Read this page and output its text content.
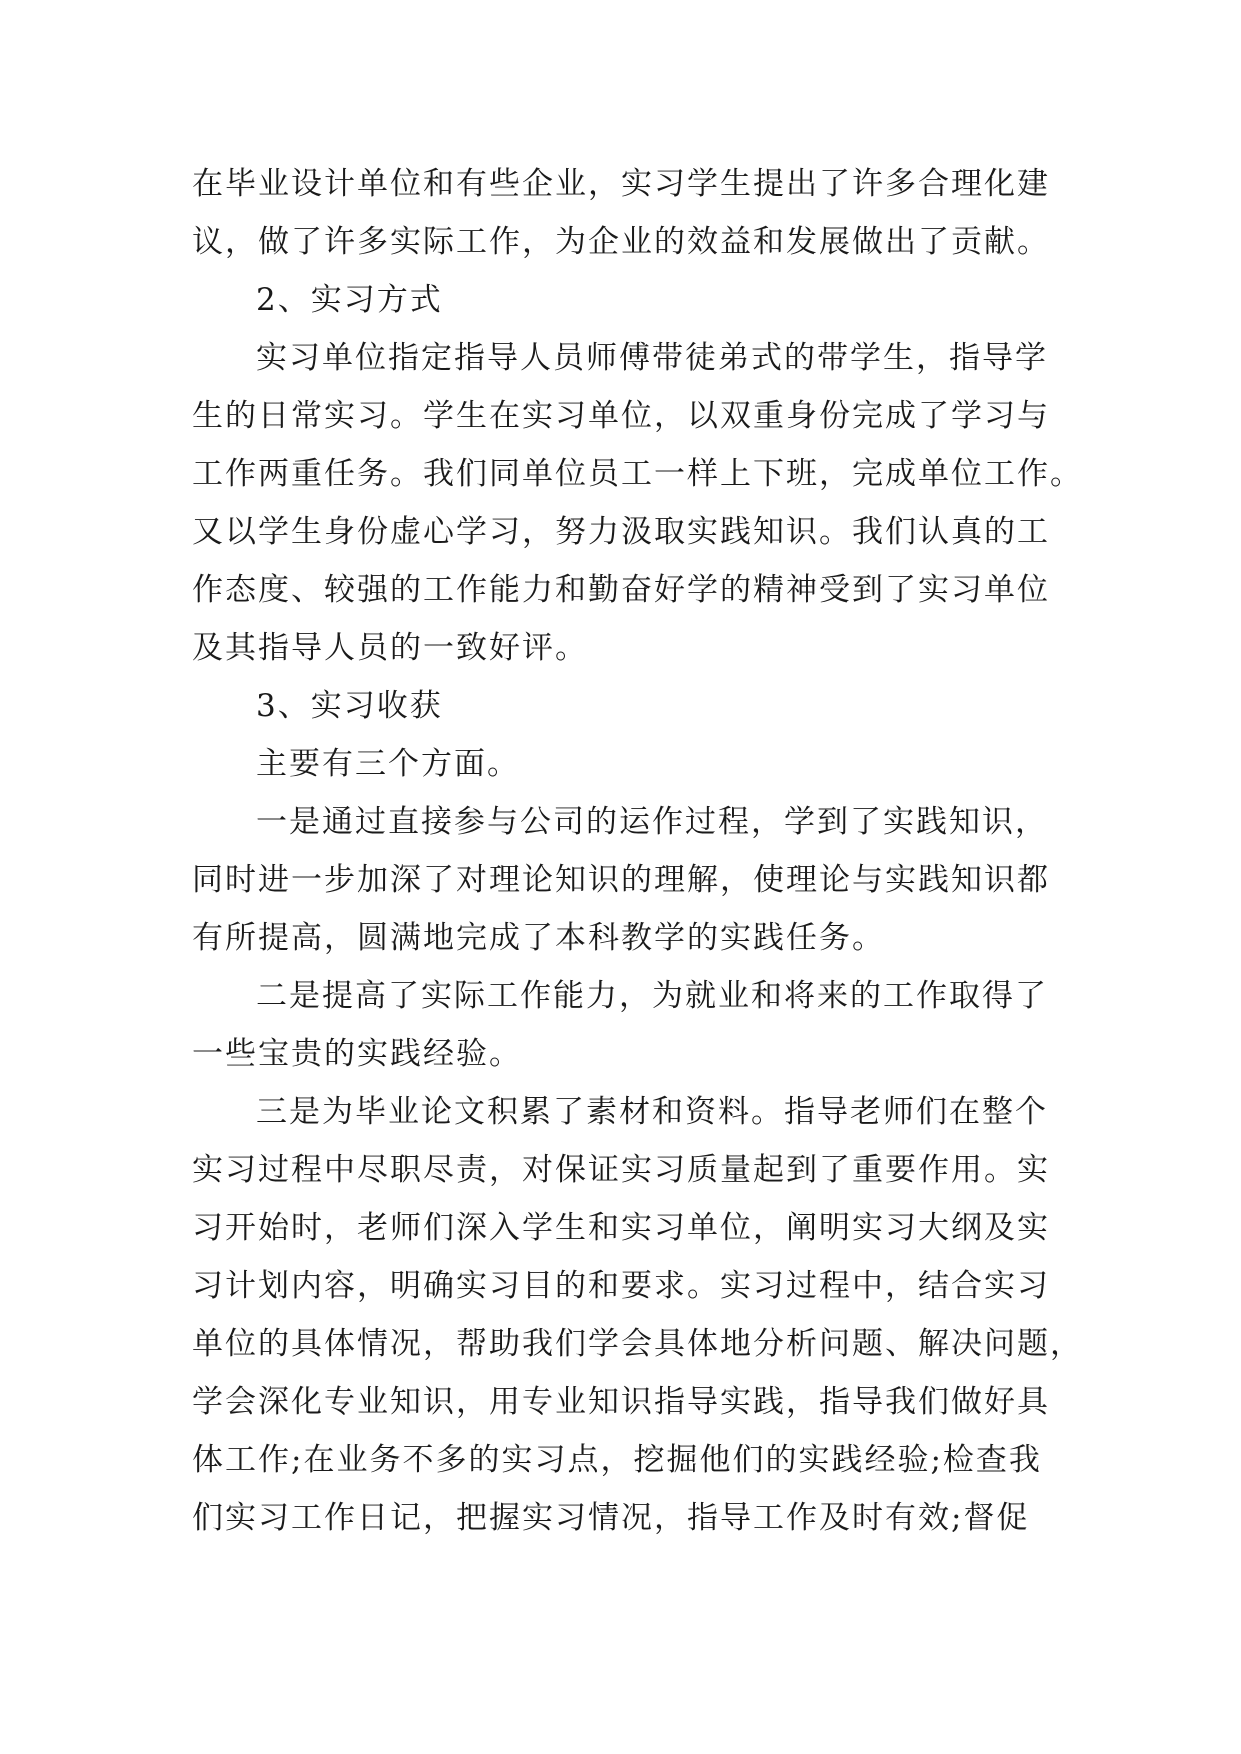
在毕业设计单位和有些企业，实习学生提出了许多合理化建
议，做了许多实际工作，为企业的效益和发展做出了贡献。
2、实习方式
实习单位指定指导人员师傅带徒弟式的带学生，指导学
生的日常实习。学生在实习单位，以双重身份完成了学习与
工作两重任务。我们同单位员工一样上下班，完成单位工作。
又以学生身份虚心学习，努力汲取实践知识。我们认真的工
作态度、较强的工作能力和勤奋好学的精神受到了实习单位
及其指导人员的一致好评。
3、实习收获
主要有三个方面。
一是通过直接参与公司的运作过程，学到了实践知识，
同时进一步加深了对理论知识的理解，使理论与实践知识都
有所提高，圆满地完成了本科教学的实践任务。
二是提高了实际工作能力，为就业和将来的工作取得了
一些宝贵的实践经验。
三是为毕业论文积累了素材和资料。指导老师们在整个
实习过程中尽职尽责，对保证实习质量起到了重要作用。实
习开始时，老师们深入学生和实习单位，阐明实习大纲及实
习计划内容，明确实习目的和要求。实习过程中，结合实习
单位的具体情况，帮助我们学会具体地分析问题、解决问题，
学会深化专业知识，用专业知识指导实践，指导我们做好具
体工作;在业务不多的实习点，挖掘他们的实践经验;检查我
们实习工作日记，把握实习情况，指导工作及时有效;督促
